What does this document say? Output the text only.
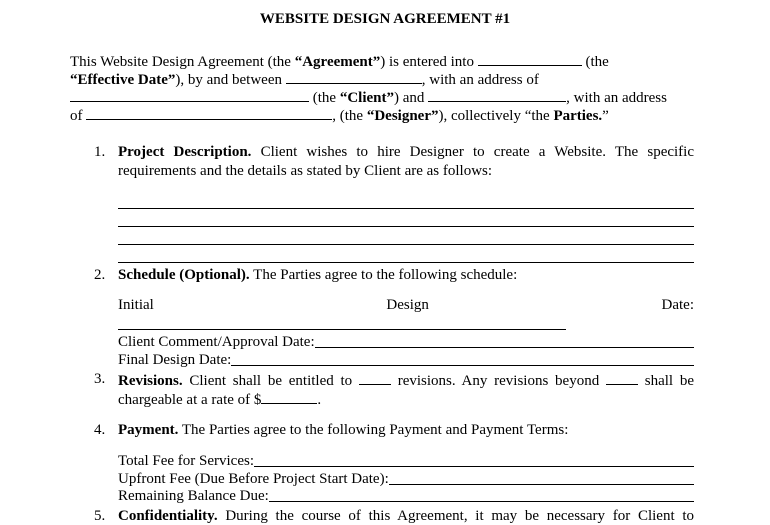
WEBSITE DESIGN AGREEMENT #1
This Website Design Agreement (the “Agreement”) is entered into	(the
“Effective Date”), by and between	, with an address of
(the “Client”) and	, with an address
of	, (the “Designer”), collectively “the Parties.”
1. Project Description. Client wishes to hire Designer to create a Website. The specific
requirements and the details as stated by Client are as follows:
2. Schedule (Optional). The Parties agree to the following schedule:
Initial	Design	Date:
Client Comment/Approval Date:
Final Design Date:
3. Revisions. Client shall be entitled to  revisions. Any revisions beyond  shall be
chargeable at a rate of $	.
4. Payment. The Parties agree to the following Payment and Payment Terms:
Total Fee for Services:
Upfront Fee (Due Before Project Start Date):
Remaining Balance Due:
5. Confidentiality. During the course of this Agreement, it may be necessary for Client to
